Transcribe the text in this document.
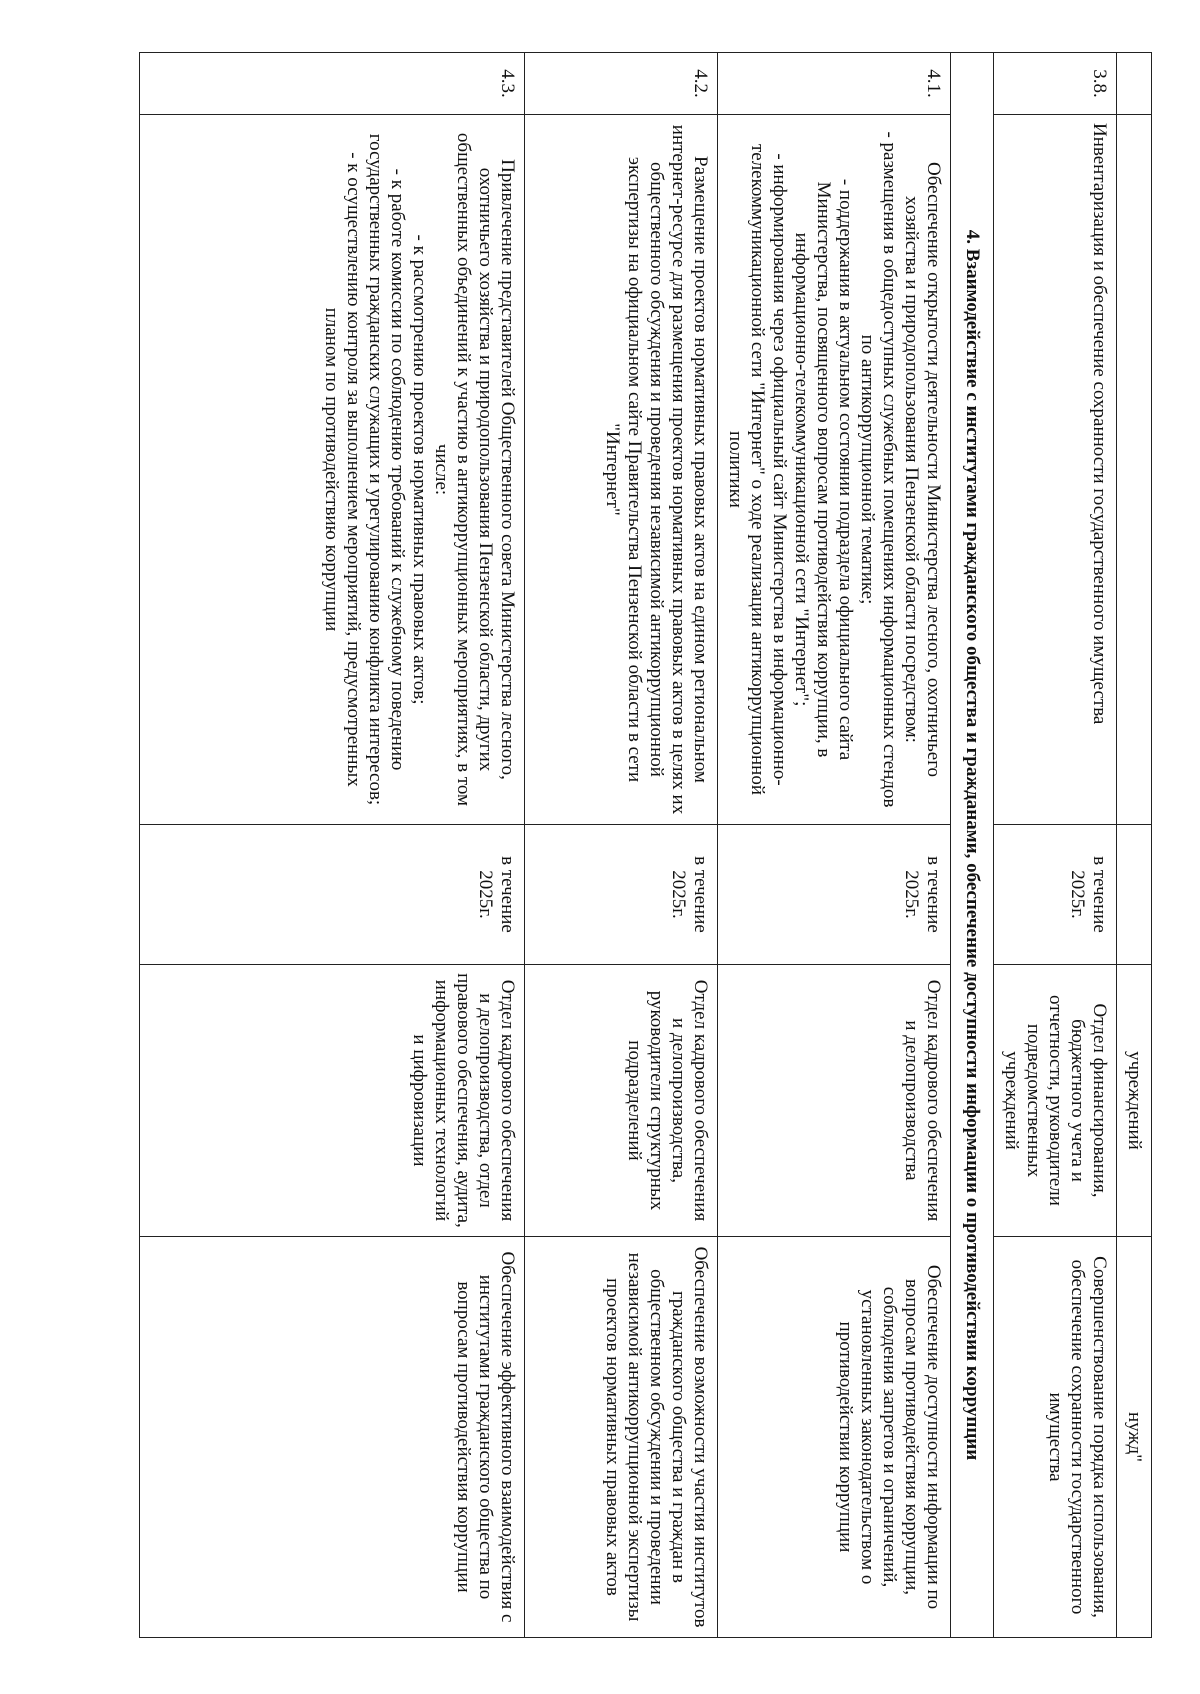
			учреждений	нужд"
3.8.	Инвентаризация и обеспечение сохранности государственного имущества	в течение 2025г.	Отдел финансирования, бюджетного учета и отчетности, руководители подведомственных учреждений	Совершенствование порядка использования, обеспечение сохранности государственного имущества
4. Взаимодействие с институтами гражданского общества и гражданами, обеспечение доступности информации о противодействии коррупции				
4.1.	Обеспечение открытости деятельности Министерства лесного, охотничьего хозяйства и природопользования Пензенской области посредством:
- размещения в общедоступных служебных помещениях информационных стендов по антикоррупционной тематике;
- поддержания в актуальном состоянии подраздела официального сайта Министерства, посвященного вопросам противодействия коррупции, в информационно-телекоммуникационной сети "Интернет";
- информирования через официальный сайт Министерства в информационно-телекоммуникационной сети "Интернет" о ходе реализации антикоррупционной политики	в течение 2025г.	Отдел кадрового обеспечения и делопроизводства	Обеспечение доступности информации по вопросам противодействия коррупции, соблюдения запретов и ограничений, установленных законодательством о противодействии коррупции
4.2.	Размещение проектов нормативных правовых актов на едином региональном интернет-ресурсе для размещения проектов нормативных правовых актов в целях их общественного обсуждения и проведения независимой антикоррупционной экспертизы на официальном сайте Правительства Пензенской области в сети "Интернет"	в течение 2025г.	Отдел кадрового обеспечения и делопроизводства, руководители структурных подразделений	Обеспечение возможности участия институтов гражданского общества и граждан в общественном обсуждении и проведении независимой антикоррупционной экспертизы проектов нормативных правовых актов
4.3.	Привлечение представителей Общественного совета Министерства лесного, охотничьего хозяйства и природопользования Пензенской области, других общественных объединений к участию в антикоррупционных мероприятиях, в том числе:
- к рассмотрению проектов нормативных правовых актов;
- к работе комиссии по соблюдению требований к служебному поведению государственных гражданских служащих и урегулированию конфликта интересов;
- к осуществлению контроля за выполнением мероприятий, предусмотренных планом по противодействию коррупции	в течение 2025г.	Отдел кадрового обеспечения и делопроизводства, отдел правового обеспечения, аудита, информационных технологий и цифровизации	Обеспечение эффективного взаимодействия с институтами гражданского общества по вопросам противодействия коррупции
